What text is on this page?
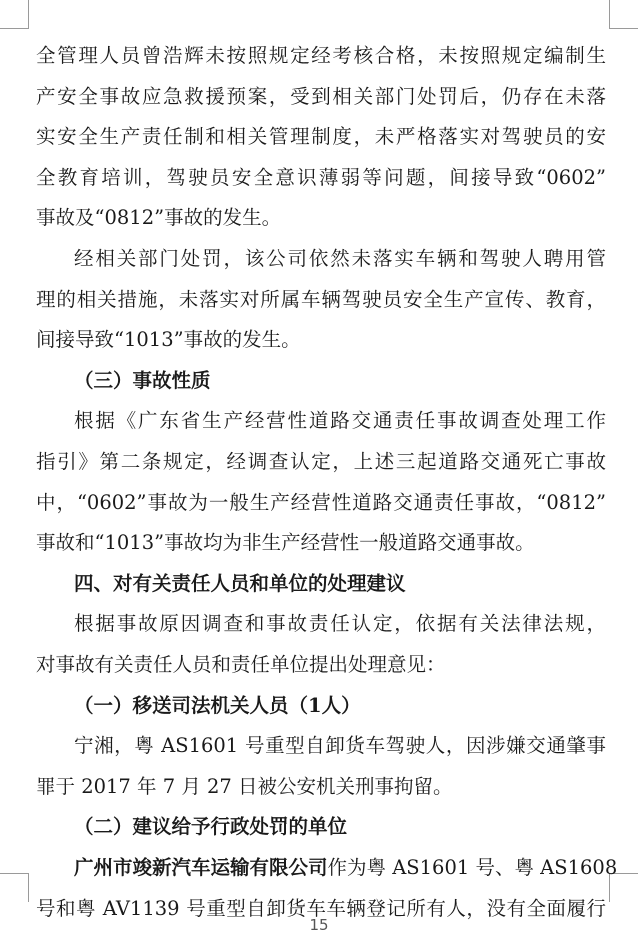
全管理人员曾浩辉未按照规定经考核合格，未按照规定编制生
产安全事故应急救援预案，受到相关部门处罚后，仍存在未落
实安全生产责任制和相关管理制度，未严格落实对驾驶员的安
全教育培训，驾驶员安全意识薄弱等问题，间接导致“0602”
事故及“0812”事故的发生。
经相关部门处罚，该公司依然未落实车辆和驾驶人聘用管
理的相关措施，未落实对所属车辆驾驶员安全生产宣传、教育，
间接导致“1013”事故的发生。
（三）事故性质
根据《广东省生产经营性道路交通责任事故调查处理工作
指引》第二条规定，经调查认定，上述三起道路交通死亡事故
中，“0602”事故为一般生产经营性道路交通责任事故，“0812”
事故和“1013”事故均为非生产经营性一般道路交通事故。
四、对有关责任人员和单位的处理建议
根据事故原因调查和事故责任认定，依据有关法律法规，
对事故有关责任人员和责任单位提出处理意见：
（一）移送司法机关人员（1人）
宁湘，粤 AS1601 号重型自卸货车驾驶人，因涉嫌交通肇事
罪于 2017 年 7 月 27 日被公安机关刑事拘留。
（二）建议给予行政处罚的单位
广州市竣新汽车运输有限公司作为粤 AS1601 号、粤 AS1608
号和粤 AV1139 号重型自卸货车车辆登记所有人，没有全面履行
15
